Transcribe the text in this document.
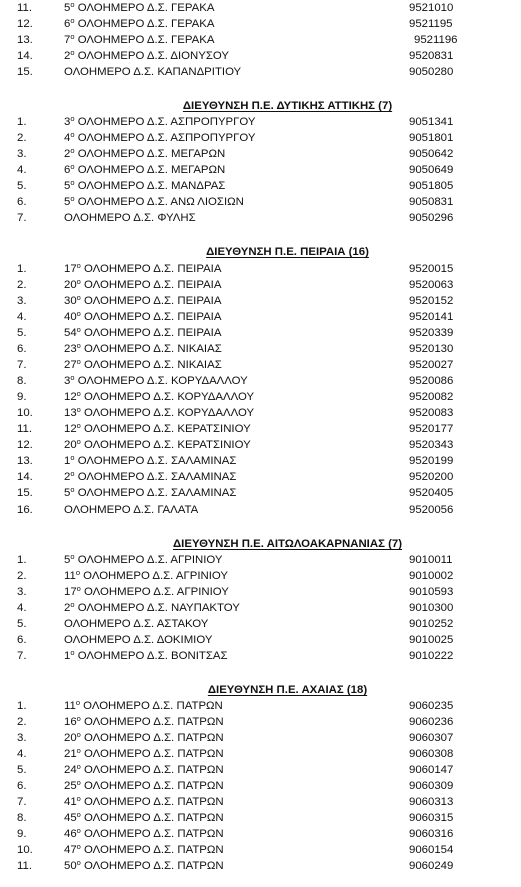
11.	$5^o$ ΟΛΟΗΜΕΡΟ Δ.Σ. ΓΕΡΑΚΑ	9521010
12.	$6^o$ ΟΛΟΗΜΕΡΟ Δ.Σ. ΓΕΡΑΚΑ	9521195
13.	$7^o$ ΟΛΟΗΜΕΡΟ Δ.Σ. ΓΕΡΑΚΑ	9521196
14.	$2^o$ ΟΛΟΗΜΕΡΟ Δ.Σ. ΔΙΟΝΥΣΟΥ	9520831
15.	ΟΛΟΗΜΕΡΟ Δ.Σ. ΚΑΠΑΝΔΡΙΤΙΟΥ	9050280
ΔΙΕΥΘΥΝΣΗ Π.Ε. ΔΥΤΙΚΗΣ ΑΤΤΙΚΗΣ (7)
1.	$3^o$ ΟΛΟΗΜΕΡΟ Δ.Σ. ΑΣΠΡΟΠΥΡΓΟΥ	9051341
2.	$4^o$ ΟΛΟΗΜΕΡΟ Δ.Σ. ΑΣΠΡΟΠΥΡΓΟΥ	9051801
3.	$2^o$ ΟΛΟΗΜΕΡΟ Δ.Σ. ΜΕΓΑΡΩΝ	9050642
4.	$6^o$ ΟΛΟΗΜΕΡΟ Δ.Σ. ΜΕΓΑΡΩΝ	9050649
5.	$5^o$ ΟΛΟΗΜΕΡΟ Δ.Σ. ΜΑΝΔΡΑΣ	9051805
6.	$5^o$ ΟΛΟΗΜΕΡΟ Δ.Σ. ΑΝΩ ΛΙΟΣΙΩΝ	9050831
7.	ΟΛΟΗΜΕΡΟ Δ.Σ. ΦΥΛΗΣ	9050296
ΔΙΕΥΘΥΝΣΗ Π.Ε. ΠΕΙΡΑΙΑ (16)
1.	$17^o$ ΟΛΟΗΜΕΡΟ Δ.Σ. ΠΕΙΡΑΙΑ	9520015
2.	$20^o$ ΟΛΟΗΜΕΡΟ Δ.Σ. ΠΕΙΡΑΙΑ	9520063
3.	$30^o$ ΟΛΟΗΜΕΡΟ Δ.Σ. ΠΕΙΡΑΙΑ	9520152
4.	$40^o$ ΟΛΟΗΜΕΡΟ Δ.Σ. ΠΕΙΡΑΙΑ	9520141
5.	$54^o$ ΟΛΟΗΜΕΡΟ Δ.Σ. ΠΕΙΡΑΙΑ	9520339
6.	$23^o$ ΟΛΟΗΜΕΡΟ Δ.Σ. ΝΙΚΑΙΑΣ	9520130
7.	$27^o$ ΟΛΟΗΜΕΡΟ Δ.Σ. ΝΙΚΑΙΑΣ	9520027
8.	$3^o$ ΟΛΟΗΜΕΡΟ Δ.Σ. ΚΟΡΥΔΑΛΛΟΥ	9520086
9.	$12^o$ ΟΛΟΗΜΕΡΟ Δ.Σ. ΚΟΡΥΔΑΛΛΟΥ	9520082
10.	$13^o$ ΟΛΟΗΜΕΡΟ Δ.Σ. ΚΟΡΥΔΑΛΛΟΥ	9520083
11.	$12^o$ ΟΛΟΗΜΕΡΟ Δ.Σ. ΚΕΡΑΤΣΙΝΙΟΥ	9520177
12.	$20^o$ ΟΛΟΗΜΕΡΟ Δ.Σ. ΚΕΡΑΤΣΙΝΙΟΥ	9520343
13.	$1^o$ ΟΛΟΗΜΕΡΟ Δ.Σ. ΣΑΛΑΜΙΝΑΣ	9520199
14.	$2^o$ ΟΛΟΗΜΕΡΟ Δ.Σ. ΣΑΛΑΜΙΝΑΣ	9520200
15.	$5^o$ ΟΛΟΗΜΕΡΟ Δ.Σ. ΣΑΛΑΜΙΝΑΣ	9520405
16.	ΟΛΟΗΜΕΡΟ Δ.Σ. ΓΑΛΑΤΑ	9520056
ΔΙΕΥΘΥΝΣΗ Π.Ε. ΑΙΤΩΛΟΑΚΑΡΝΑΝΙΑΣ (7)
1.	$5^o$ ΟΛΟΗΜΕΡΟ Δ.Σ. ΑΓΡΙΝΙΟΥ	9010011
2.	$11^o$ ΟΛΟΗΜΕΡΟ Δ.Σ. ΑΓΡΙΝΙΟΥ	9010002
3.	$17^o$ ΟΛΟΗΜΕΡΟ Δ.Σ. ΑΓΡΙΝΙΟΥ	9010593
4.	$2^o$ ΟΛΟΗΜΕΡΟ Δ.Σ. ΝΑΥΠΑΚΤΟΥ	9010300
5.	ΟΛΟΗΜΕΡΟ Δ.Σ. ΑΣΤΑΚΟΥ	9010252
6.	ΟΛΟΗΜΕΡΟ Δ.Σ. ΔΟΚΙΜΙΟΥ	9010025
7.	$1^o$ ΟΛΟΗΜΕΡΟ Δ.Σ. ΒΟΝΙΤΣΑΣ	9010222
ΔΙΕΥΘΥΝΣΗ Π.Ε. ΑΧΑΙΑΣ (18)
1.	$11^o$ ΟΛΟΗΜΕΡΟ Δ.Σ. ΠΑΤΡΩΝ	9060235
2.	$16^o$ ΟΛΟΗΜΕΡΟ Δ.Σ. ΠΑΤΡΩΝ	9060236
3.	$20^o$ ΟΛΟΗΜΕΡΟ Δ.Σ. ΠΑΤΡΩΝ	9060307
4.	$21^o$ ΟΛΟΗΜΕΡΟ Δ.Σ. ΠΑΤΡΩΝ	9060308
5.	$24^o$ ΟΛΟΗΜΕΡΟ Δ.Σ. ΠΑΤΡΩΝ	9060147
6.	$25^o$ ΟΛΟΗΜΕΡΟ Δ.Σ. ΠΑΤΡΩΝ	9060309
7.	$41^o$ ΟΛΟΗΜΕΡΟ Δ.Σ. ΠΑΤΡΩΝ	9060313
8.	$45^o$ ΟΛΟΗΜΕΡΟ Δ.Σ. ΠΑΤΡΩΝ	9060315
9.	$46^o$ ΟΛΟΗΜΕΡΟ Δ.Σ. ΠΑΤΡΩΝ	9060316
10.	$47^o$ ΟΛΟΗΜΕΡΟ Δ.Σ. ΠΑΤΡΩΝ	9060154
11.	$50^o$ ΟΛΟΗΜΕΡΟ Δ.Σ. ΠΑΤΡΩΝ	9060249
